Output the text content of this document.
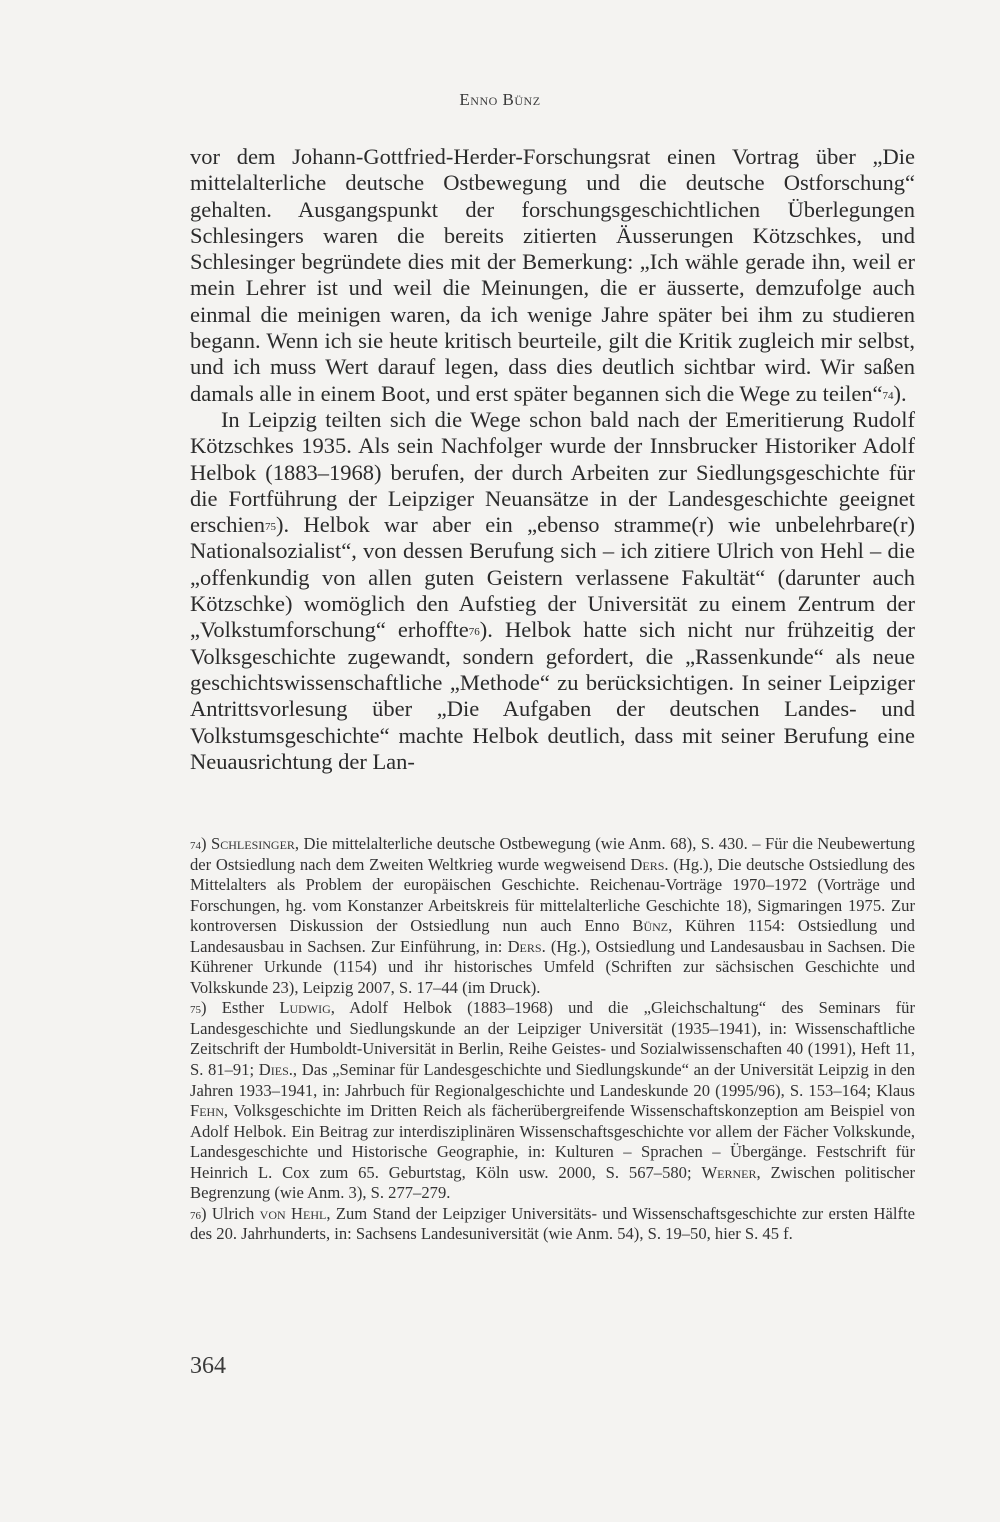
Enno Bünz

vor dem Johann-Gottfried-Herder-Forschungsrat einen Vortrag über „Die mittelalterliche deutsche Ostbewegung und die deutsche Ostforschung“ gehalten. Ausgangspunkt der forschungsgeschichtlichen Überlegungen Schlesingers waren die bereits zitierten Äusserungen Kötzschkes, und Schlesinger begründete dies mit der Bemerkung: „Ich wähle gerade ihn, weil er mein Lehrer ist und weil die Meinungen, die er äusserte, demzufolge auch einmal die meinigen waren, da ich wenige Jahre später bei ihm zu studieren begann. Wenn ich sie heute kritisch beurteile, gilt die Kritik zugleich mir selbst, und ich muss Wert darauf legen, dass dies deutlich sichtbar wird. Wir saßen damals alle in einem Boot, und erst später begannen sich die Wege zu teilen“$^{74}$).

  In Leipzig teilten sich die Wege schon bald nach der Emeritierung Rudolf Kötzschkes 1935. Als sein Nachfolger wurde der Innsbrucker Historiker Adolf Helbok (1883–1968) berufen, der durch Arbeiten zur Siedlungsgeschichte für die Fortführung der Leipziger Neuansätze in der Landesgeschichte geeignet erschien$^{75}$). Helbok war aber ein „ebenso stramme(r) wie unbelehrbare(r) Nationalsozialist“, von dessen Berufung sich – ich zitiere Ulrich von Hehl – die „offenkundig von allen guten Geistern verlassene Fakultät“ (darunter auch Kötzschke) womöglich den Aufstieg der Universität zu einem Zentrum der „Volkstumforschung“ erhoffte$^{76}$). Helbok hatte sich nicht nur frühzeitig der Volksgeschichte zugewandt, sondern gefordert, die „Rassenkunde“ als neue geschichtswissenschaftliche „Methode“ zu berücksichtigen. In seiner Leipziger Antrittsvorlesung über „Die Aufgaben der deutschen Landes- und Volkstumsgeschichte“ machte Helbok deutlich, dass mit seiner Berufung eine Neuausrichtung der Lan-

$^{74}$) Schlesinger, Die mittelalterliche deutsche Ostbewegung (wie Anm. 68), S. 430. – Für die Neubewertung der Ostsiedlung nach dem Zweiten Weltkrieg wurde wegweisend Ders. (Hg.), Die deutsche Ostsiedlung des Mittelalters als Problem der europäischen Geschichte. Reichenau-Vorträge 1970–1972 (Vorträge und Forschungen, hg. vom Konstanzer Arbeitskreis für mittelalterliche Geschichte 18), Sigmaringen 1975. Zur kontroversen Diskussion der Ostsiedlung nun auch Enno Bünz, Kühren 1154: Ostsiedlung und Landesausbau in Sachsen. Zur Einführung, in: Ders. (Hg.), Ostsiedlung und Landesausbau in Sachsen. Die Kührener Urkunde (1154) und ihr historisches Umfeld (Schriften zur sächsischen Geschichte und Volkskunde 23), Leipzig 2007, S. 17–44 (im Druck).

$^{75}$) Esther Ludwig, Adolf Helbok (1883–1968) und die „Gleichschaltung“ des Seminars für Landesgeschichte und Siedlungskunde an der Leipziger Universität (1935–1941), in: Wissenschaftliche Zeitschrift der Humboldt-Universität in Berlin, Reihe Geistes- und Sozialwissenschaften 40 (1991), Heft 11, S. 81–91; Dies., Das „Seminar für Landesgeschichte und Siedlungskunde“ an der Universität Leipzig in den Jahren 1933–1941, in: Jahrbuch für Regionalgeschichte und Landeskunde 20 (1995/96), S. 153–164; Klaus Fehn, Volksgeschichte im Dritten Reich als fächerübergreifende Wissenschaftskonzeption am Beispiel von Adolf Helbok. Ein Beitrag zur interdisziplinären Wissenschaftsgeschichte vor allem der Fächer Volkskunde, Landesgeschichte und Historische Geographie, in: Kulturen – Sprachen – Übergänge. Festschrift für Heinrich L. Cox zum 65. Geburtstag, Köln usw. 2000, S. 567–580; Werner, Zwischen politischer Begrenzung (wie Anm. 3), S. 277–279.

$^{76}$) Ulrich von Hehl, Zum Stand der Leipziger Universitäts- und Wissenschaftsgeschichte zur ersten Hälfte des 20. Jahrhunderts, in: Sachsens Landesuniversität (wie Anm. 54), S. 19–50, hier S. 45 f.

364
